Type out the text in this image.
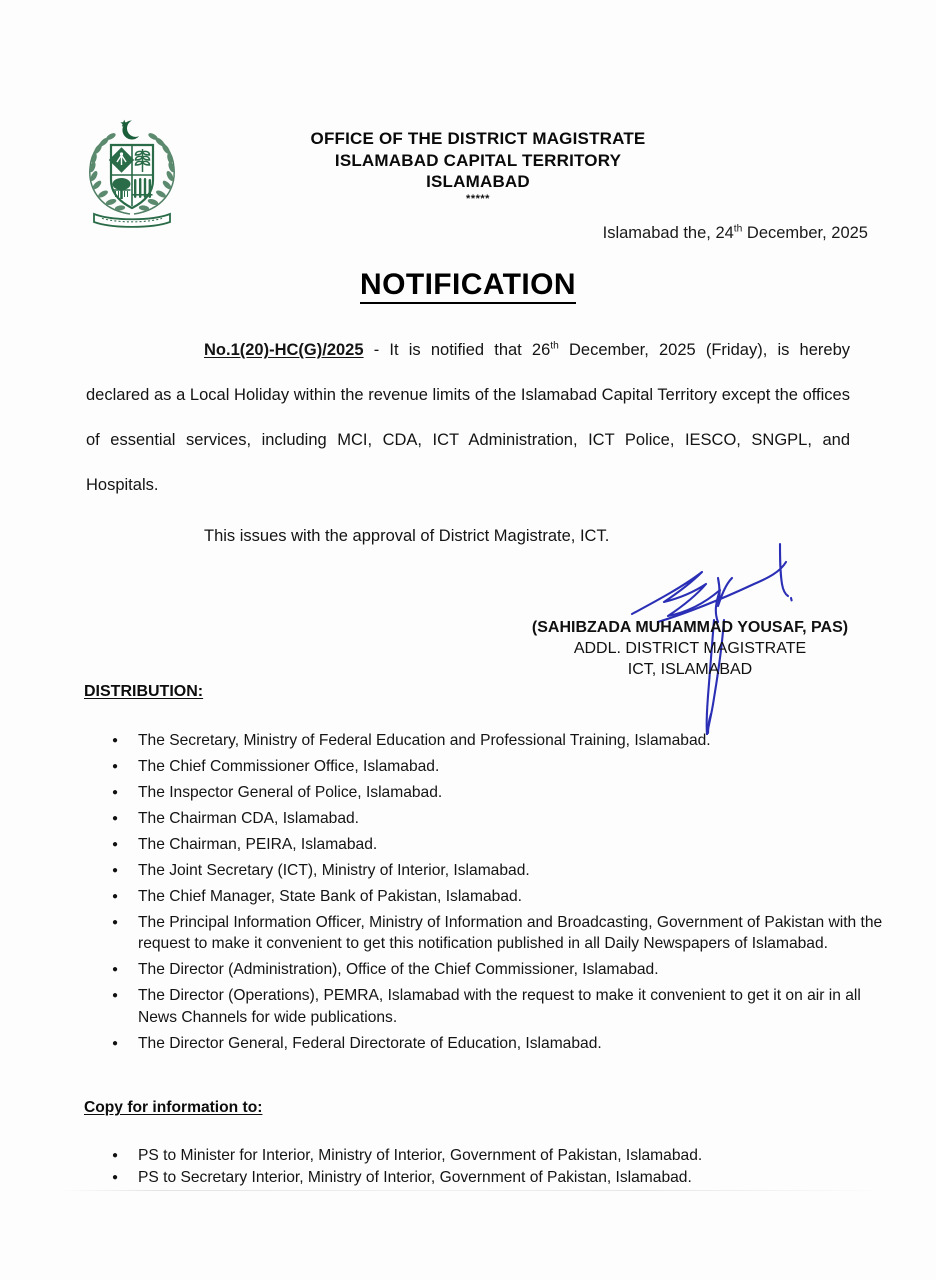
OFFICE OF THE DISTRICT MAGISTRATE
ISLAMABAD CAPITAL TERRITORY
ISLAMABAD
*****
Islamabad the, 24th December, 2025
NOTIFICATION

No.1(20)-HC(G)/2025 - It is notified that 26th December, 2025 (Friday), is hereby declared as a Local Holiday within the revenue limits of the Islamabad Capital Territory except the offices of essential services, including MCI, CDA, ICT Administration, ICT Police, IESCO, SNGPL, and Hospitals.

This issues with the approval of District Magistrate, ICT.

(SAHIBZADA MUHAMMAD YOUSAF, PAS)
ADDL. DISTRICT MAGISTRATE
ICT, ISLAMABAD
DISTRIBUTION:
● The Secretary, Ministry of Federal Education and Professional Training, Islamabad.
● The Chief Commissioner Office, Islamabad.
● The Inspector General of Police, Islamabad.
● The Chairman CDA, Islamabad.
● The Chairman, PEIRA, Islamabad.
● The Joint Secretary (ICT), Ministry of Interior, Islamabad.
● The Chief Manager, State Bank of Pakistan, Islamabad.
● The Principal Information Officer, Ministry of Information and Broadcasting, Government of Pakistan with the request to make it convenient to get this notification published in all Daily Newspapers of Islamabad.
● The Director (Administration), Office of the Chief Commissioner, Islamabad.
● The Director (Operations), PEMRA, Islamabad with the request to make it convenient to get it on air in all News Channels for wide publications.
● The Director General, Federal Directorate of Education, Islamabad.
Copy for information to:
● PS to Minister for Interior, Ministry of Interior, Government of Pakistan, Islamabad.
● PS to Secretary Interior, Ministry of Interior, Government of Pakistan, Islamabad.
